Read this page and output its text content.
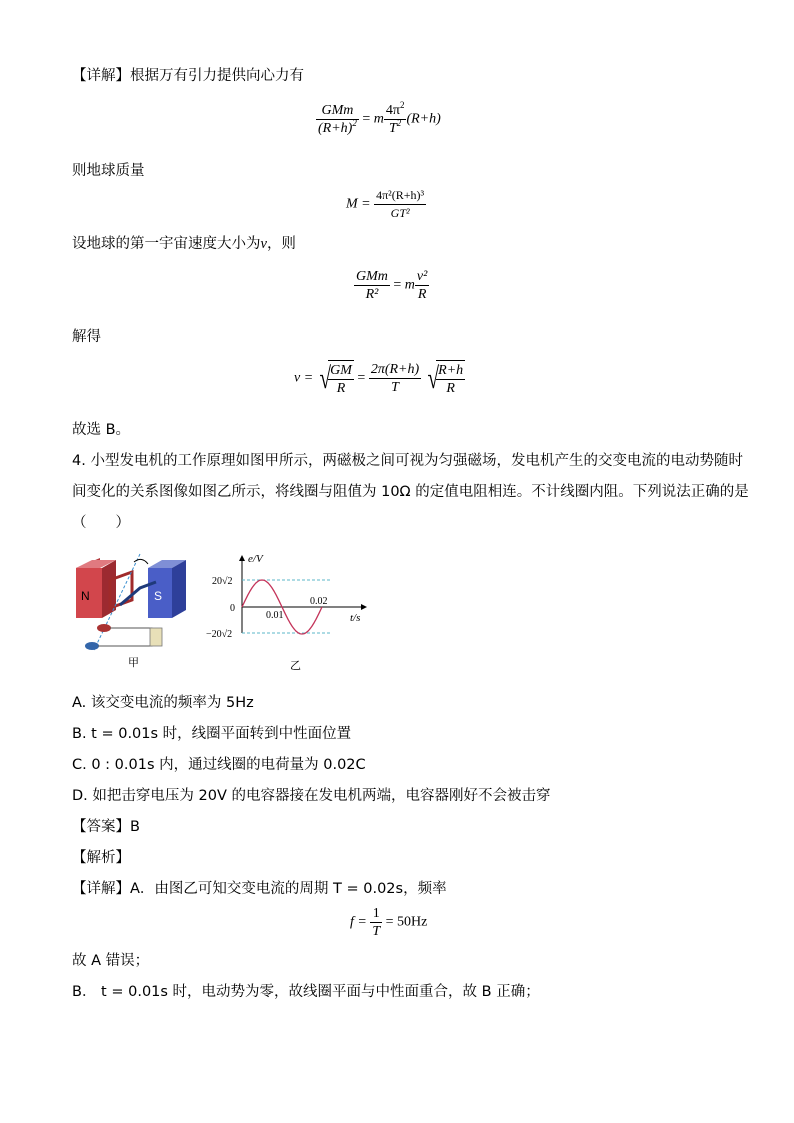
【详解】根据万有引力提供向心力有
$\frac{\text{GMm}}{(R+h)^2} = m \frac{4\pi^2}{T^2} (R+h)$
则地球质量
$M = \frac{\text{4π²(R+h)³}}{\text{GT²}}$
设地球的第一宇宙速度大小为v，则
$\frac{\text{GMm}}{\text{R²}} = m \frac{\text{v²}}{R}$
解得
v = √
$\frac{GM}{R} = \frac{2\pi(R+h)}{T}$ √
$\frac{R+h}{R}$
故选 B。
4. 小型发电机的工作原理如图甲所示，两磁极之间可视为匀强磁场，发电机产生的交变电流的电动势随时
间变化的关系图像如图乙所示，将线圈与阻值为 10Ω 的定值电阻相连。不计线圈内阻。下列说法正确的是
（　　）
N	S
甲
e/V
t/s
20√2
−20√2
0
0.01
0.02
乙
A. 该交变电流的频率为 5Hz
B. t = 0.01s 时，线圈平面转到中性面位置
C. 0 : 0.01s 内，通过线圈的电荷量为 0.02C
D. 如把击穿电压为 20V 的电容器接在发电机两端，电容器刚好不会被击穿
【答案】B
【解析】
【详解】A．由图乙可知交变电流的周期 T = 0.02s，频率
$f = \frac{1}{T} = 50Hz$
故 A 错误；
B． t = 0.01s 时，电动势为零，故线圈平面与中性面重合，故 B 正确；
